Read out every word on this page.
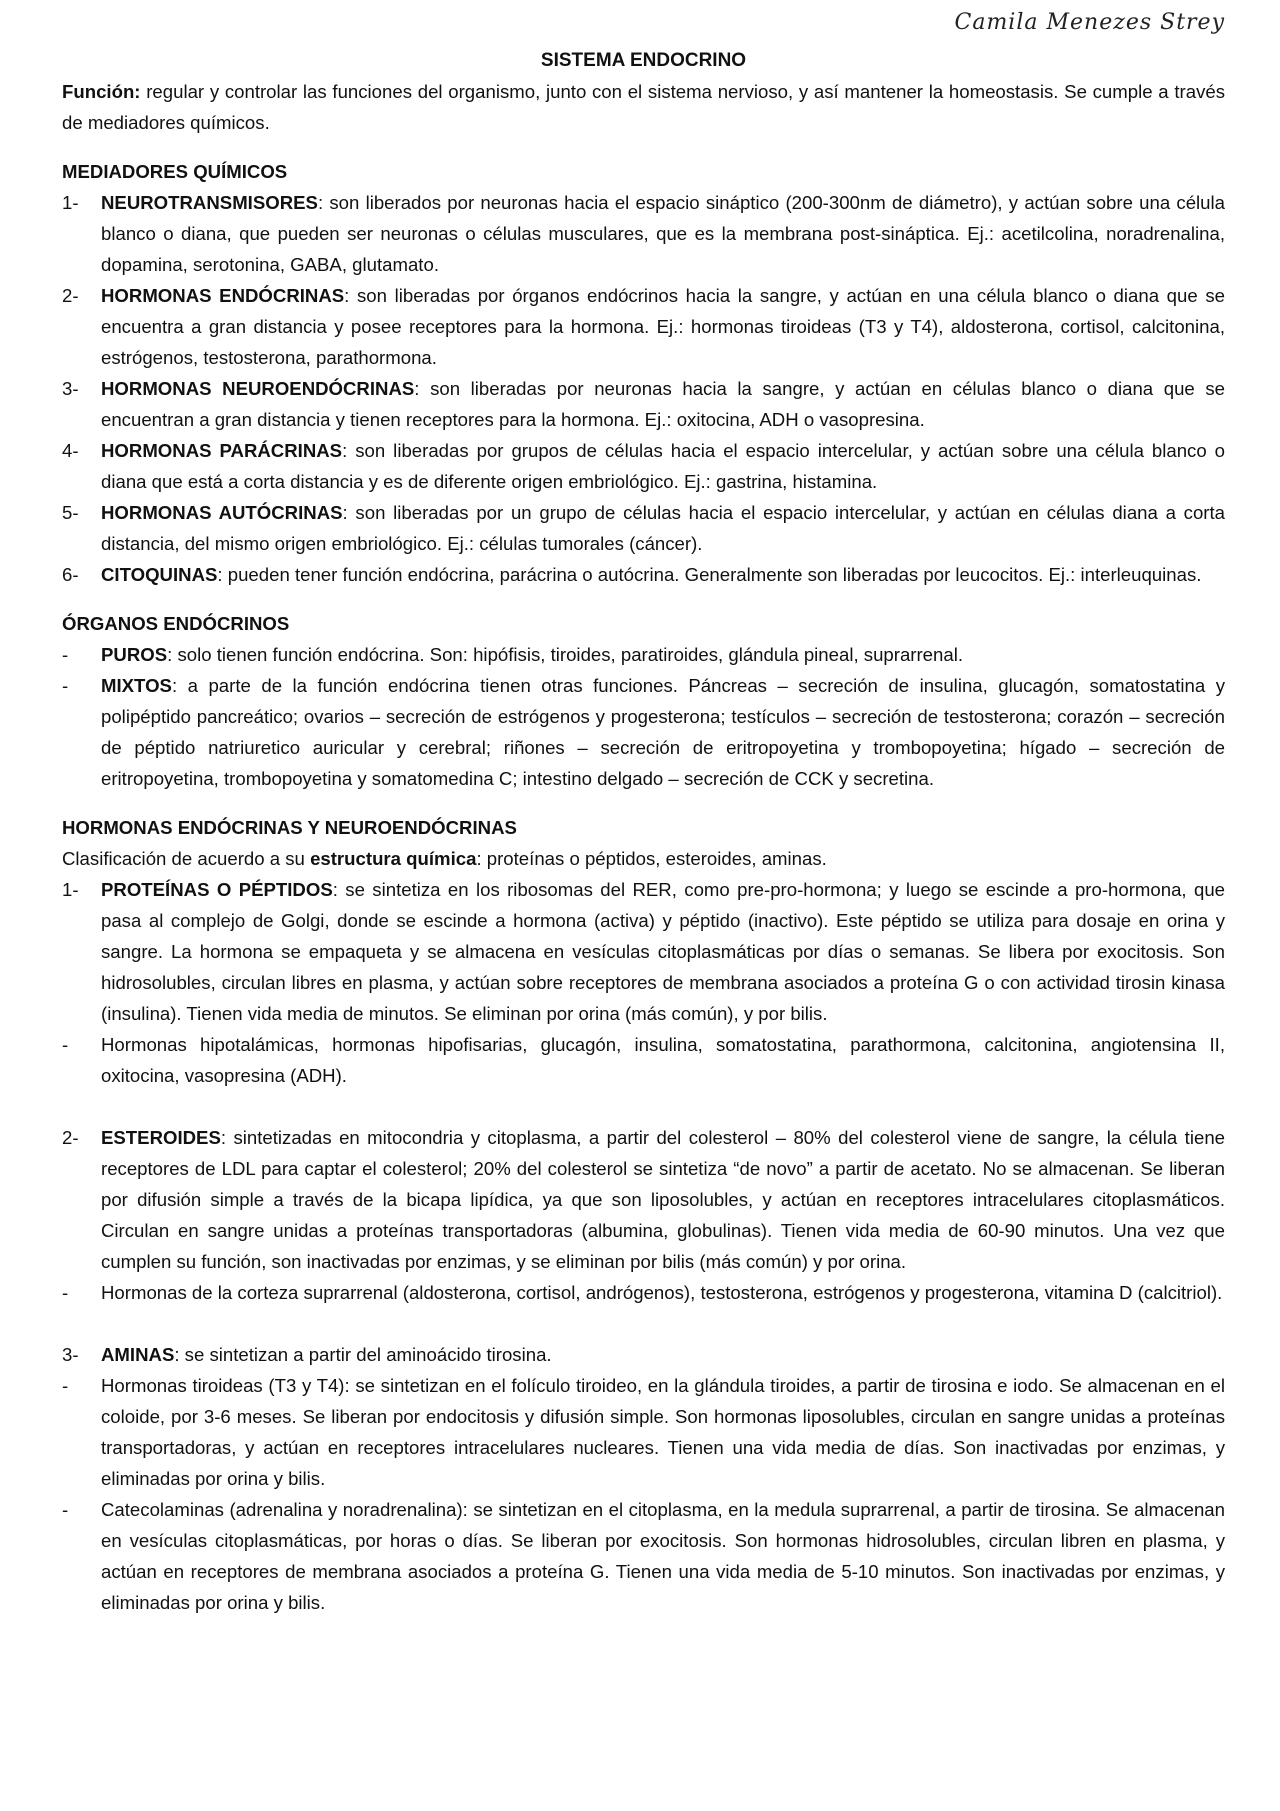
Camila Menezes Strey
SISTEMA ENDOCRINO

Función: regular y controlar las funciones del organismo, junto con el sistema nervioso, y así mantener la homeostasis. Se cumple a través de mediadores químicos.

MEDIADORES QUÍMICOS
1-	NEUROTRANSMISORES: son liberados por neuronas hacia el espacio sináptico (200-300nm de diámetro), y actúan sobre una célula blanco o diana, que pueden ser neuronas o células musculares, que es la membrana post-sináptica. Ej.: acetilcolina, noradrenalina, dopamina, serotonina, GABA, glutamato.
2-	HORMONAS ENDÓCRINAS: son liberadas por órganos endócrinos hacia la sangre, y actúan en una célula blanco o diana que se encuentra a gran distancia y posee receptores para la hormona. Ej.: hormonas tiroideas (T3 y T4), aldosterona, cortisol, calcitonina, estrógenos, testosterona, parathormona.
3-	HORMONAS NEUROENDÓCRINAS: son liberadas por neuronas hacia la sangre, y actúan en células blanco o diana que se encuentran a gran distancia y tienen receptores para la hormona. Ej.: oxitocina, ADH o vasopresina.
4-	HORMONAS PARÁCRINAS: son liberadas por grupos de células hacia el espacio intercelular, y actúan sobre una célula blanco o diana que está a corta distancia y es de diferente origen embriológico. Ej.: gastrina, histamina.
5-	HORMONAS AUTÓCRINAS: son liberadas por un grupo de células hacia el espacio intercelular, y actúan en células diana a corta distancia, del mismo origen embriológico. Ej.: células tumorales (cáncer).
6-	CITOQUINAS: pueden tener función endócrina, parácrina o autócrina. Generalmente son liberadas por leucocitos. Ej.: interleuquinas.
ÓRGANOS ENDÓCRINOS
-	PUROS: solo tienen función endócrina. Son: hipófisis, tiroides, paratiroides, glándula pineal, suprarrenal.
-	MIXTOS: a parte de la función endócrina tienen otras funciones. Páncreas – secreción de insulina, glucagón, somatostatina y polipéptido pancreático; ovarios – secreción de estrógenos y progesterona; testículos – secreción de testosterona; corazón – secreción de péptido natriuretico auricular y cerebral; riñones – secreción de eritropoyetina y trombopoyetina; hígado – secreción de eritropoyetina, trombopoyetina y somatomedina C; intestino delgado – secreción de CCK y secretina.
HORMONAS ENDÓCRINAS Y NEUROENDÓCRINAS

Clasificación de acuerdo a su estructura química: proteínas o péptidos, esteroides, aminas.

1-	PROTEÍNAS O PÉPTIDOS: se sintetiza en los ribosomas del RER, como pre-pro-hormona; y luego se escinde a pro-hormona, que pasa al complejo de Golgi, donde se escinde a hormona (activa) y péptido (inactivo). Este péptido se utiliza para dosaje en orina y sangre. La hormona se empaqueta y se almacena en vesículas citoplasmáticas por días o semanas. Se libera por exocitosis. Son hidrosolubles, circulan libres en plasma, y actúan sobre receptores de membrana asociados a proteína G o con actividad tirosin kinasa (insulina). Tienen vida media de minutos. Se eliminan por orina (más común), y por bilis.
-	Hormonas hipotalámicas, hormonas hipofisarias, glucagón, insulina, somatostatina, parathormona, calcitonina, angiotensina II, oxitocina, vasopresina (ADH).
2-	ESTEROIDES: sintetizadas en mitocondria y citoplasma, a partir del colesterol – 80% del colesterol viene de sangre, la célula tiene receptores de LDL para captar el colesterol; 20% del colesterol se sintetiza “de novo” a partir de acetato. No se almacenan. Se liberan por difusión simple a través de la bicapa lipídica, ya que son liposolubles, y actúan en receptores intracelulares citoplasmáticos. Circulan en sangre unidas a proteínas transportadoras (albumina, globulinas). Tienen vida media de 60-90 minutos. Una vez que cumplen su función, son inactivadas por enzimas, y se eliminan por bilis (más común) y por orina.
-	Hormonas de la corteza suprarrenal (aldosterona, cortisol, andrógenos), testosterona, estrógenos y progesterona, vitamina D (calcitriol).
3-	AMINAS: se sintetizan a partir del aminoácido tirosina.
-	Hormonas tiroideas (T3 y T4): se sintetizan en el folículo tiroideo, en la glándula tiroides, a partir de tirosina e iodo. Se almacenan en el coloide, por 3-6 meses. Se liberan por endocitosis y difusión simple. Son hormonas liposolubles, circulan en sangre unidas a proteínas transportadoras, y actúan en receptores intracelulares nucleares. Tienen una vida media de días. Son inactivadas por enzimas, y eliminadas por orina y bilis.
-	Catecolaminas (adrenalina y noradrenalina): se sintetizan en el citoplasma, en la medula suprarrenal, a partir de tirosina. Se almacenan en vesículas citoplasmáticas, por horas o días. Se liberan por exocitosis. Son hormonas hidrosolubles, circulan libren en plasma, y actúan en receptores de membrana asociados a proteína G. Tienen una vida media de 5-10 minutos. Son inactivadas por enzimas, y eliminadas por orina y bilis.
